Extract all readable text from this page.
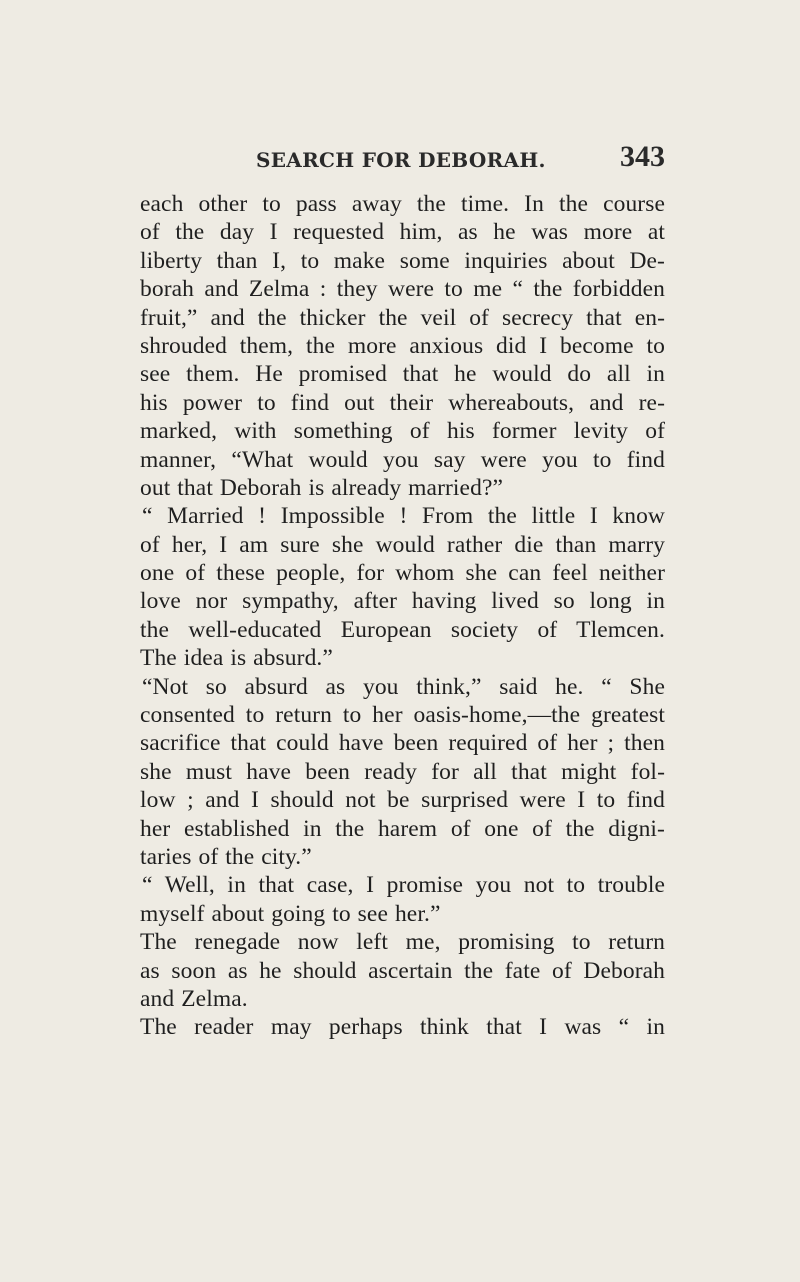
SEARCH FOR DEBORAH. 343
each other to pass away the time. In the course
of the day I requested him, as he was more at
liberty than I, to make some inquiries about De-
borah and Zelma : they were to me “ the forbidden
fruit,” and the thicker the veil of secrecy that en-
shrouded them, the more anxious did I become to
see them. He promised that he would do all in
his power to find out their whereabouts, and re-
marked, with something of his former levity of
manner, “What would you say were you to find
out that Deborah is already married?”
“ Married ! Impossible ! From the little I know
of her, I am sure she would rather die than marry
one of these people, for whom she can feel neither
love nor sympathy, after having lived so long in
the well-educated European society of Tlemcen.
The idea is absurd.”
“Not so absurd as you think,” said he. “ She
consented to return to her oasis-home,—the greatest
sacrifice that could have been required of her ; then
she must have been ready for all that might fol-
low ; and I should not be surprised were I to find
her established in the harem of one of the digni-
taries of the city.”
“ Well, in that case, I promise you not to trouble
myself about going to see her.”
The renegade now left me, promising to return
as soon as he should ascertain the fate of Deborah
and Zelma.
The reader may perhaps think that I was “ in
